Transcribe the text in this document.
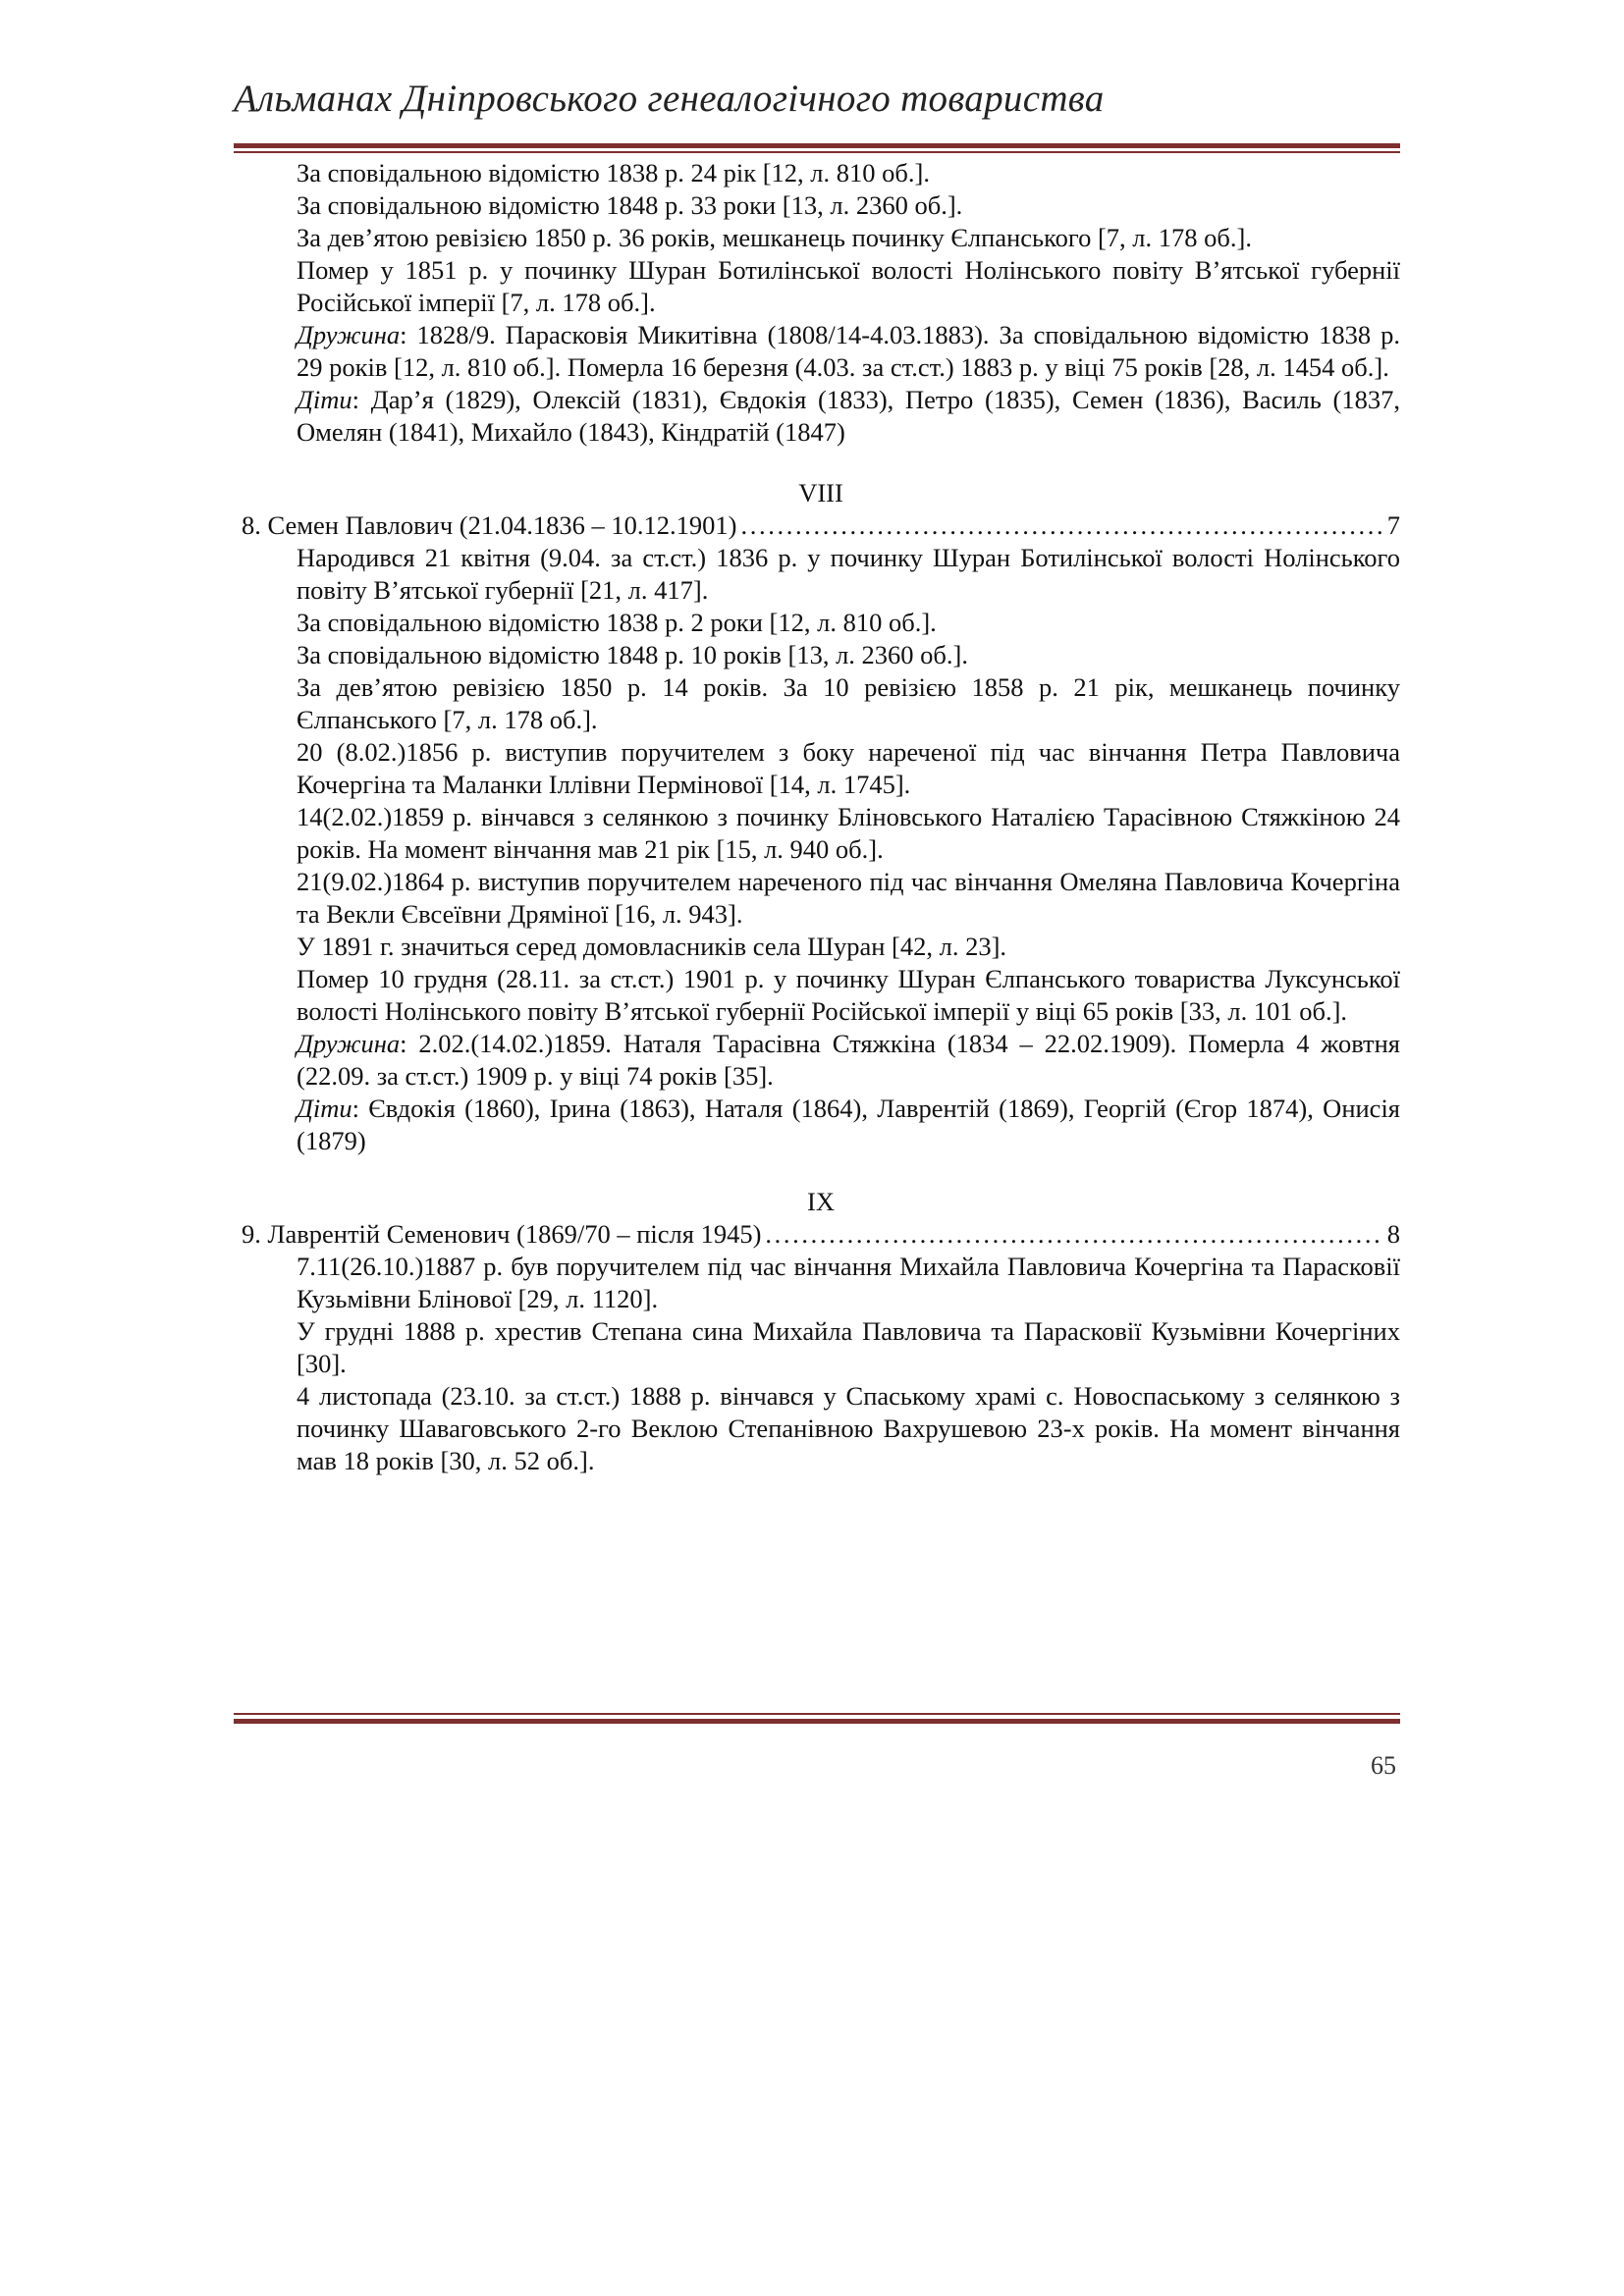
Альманах Дніпровського генеалогічного товариства
За сповідальною відомістю 1838 р. 24 рік [12, л. 810 об.].
За сповідальною відомістю 1848 р. 33 роки [13, л. 2360 об.].
За дев’ятою ревізією 1850 р. 36 років, мешканець починку Єлпанського [7, л. 178 об.].
Помер у 1851 р. у починку Шуран Ботилінської волості Нолінського повіту В’ятської губернії Російської імперії [7, л. 178 об.].
Дружина: 1828/9. Парасковія Микитівна (1808/14-4.03.1883). За сповідальною відомістю 1838 р. 29 років [12, л. 810 об.]. Померла 16 березня (4.03. за ст.ст.) 1883 р. у віці 75 років [28, л. 1454 об.].
Діти: Дар’я (1829), Олексій (1831), Євдокія (1833), Петро (1835), Семен (1836), Василь (1837, Омелян (1841), Михайло (1843), Кіндратій (1847)
VIII
8. Семен Павлович (21.04.1836 – 10.12.1901) . . .	7
Народився 21 квітня (9.04. за ст.ст.) 1836 р. у починку Шуран Ботилінської волості Нолінського повіту В’ятської губернії [21, л. 417].
За сповідальною відомістю 1838 р. 2 роки [12, л. 810 об.].
За сповідальною відомістю 1848 р. 10 років [13, л. 2360 об.].
За дев’ятою ревізією 1850 р. 14 років. За 10 ревізією 1858 р. 21 рік, мешканець починку Єлпанського [7, л. 178 об.].
20 (8.02.)1856 р. виступив поручителем з боку нареченої під час вінчання Петра Павловича Кочергіна та Маланки Іллівни Пермінової [14, л. 1745].
14(2.02.)1859 р. вінчався з селянкою з починку Бліновського Наталією Тарасівною Стяжкіною 24 років. На момент вінчання мав 21 рік [15, л. 940 об.].
21(9.02.)1864 р. виступив поручителем нареченого під час вінчання Омеляна Павловича Кочергіна та Векли Євсеївни Дряміної [16, л. 943].
У 1891 г. значиться серед домовласників села Шуран [42, л. 23].
Помер 10 грудня (28.11. за ст.ст.) 1901 р. у починку Шуран Єлпанського товариства Луксунської волості Нолінського повіту В’ятської губернії Російської імперії у віці 65 років [33, л. 101 об.].
Дружина: 2.02.(14.02.)1859. Наталя Тарасівна Стяжкіна (1834 – 22.02.1909). Померла 4 жовтня (22.09. за ст.ст.) 1909 р. у віці 74 років [35].
Діти: Євдокія (1860), Ірина (1863), Наталя (1864), Лаврентій (1869), Георгій (Єгор 1874), Онисія (1879)
IX
9. Лаврентій Семенович (1869/70 – після 1945) . . .	8
7.11(26.10.)1887 р. був поручителем під час вінчання Михайла Павловича Кочергіна та Парасковії Кузьмівни Блінової [29, л. 1120].
У грудні 1888 р. хрестив Степана сина Михайла Павловича та Парасковії Кузьмівни Кочергіних [30].
4 листопада (23.10. за ст.ст.) 1888 р. вінчався у Спаському храмі с. Новоспаському з селянкою з починку Шаваговського 2-го Веклою Степанівною Вахрушевою 23-х років. На момент вінчання мав 18 років [30, л. 52 об.].
65
